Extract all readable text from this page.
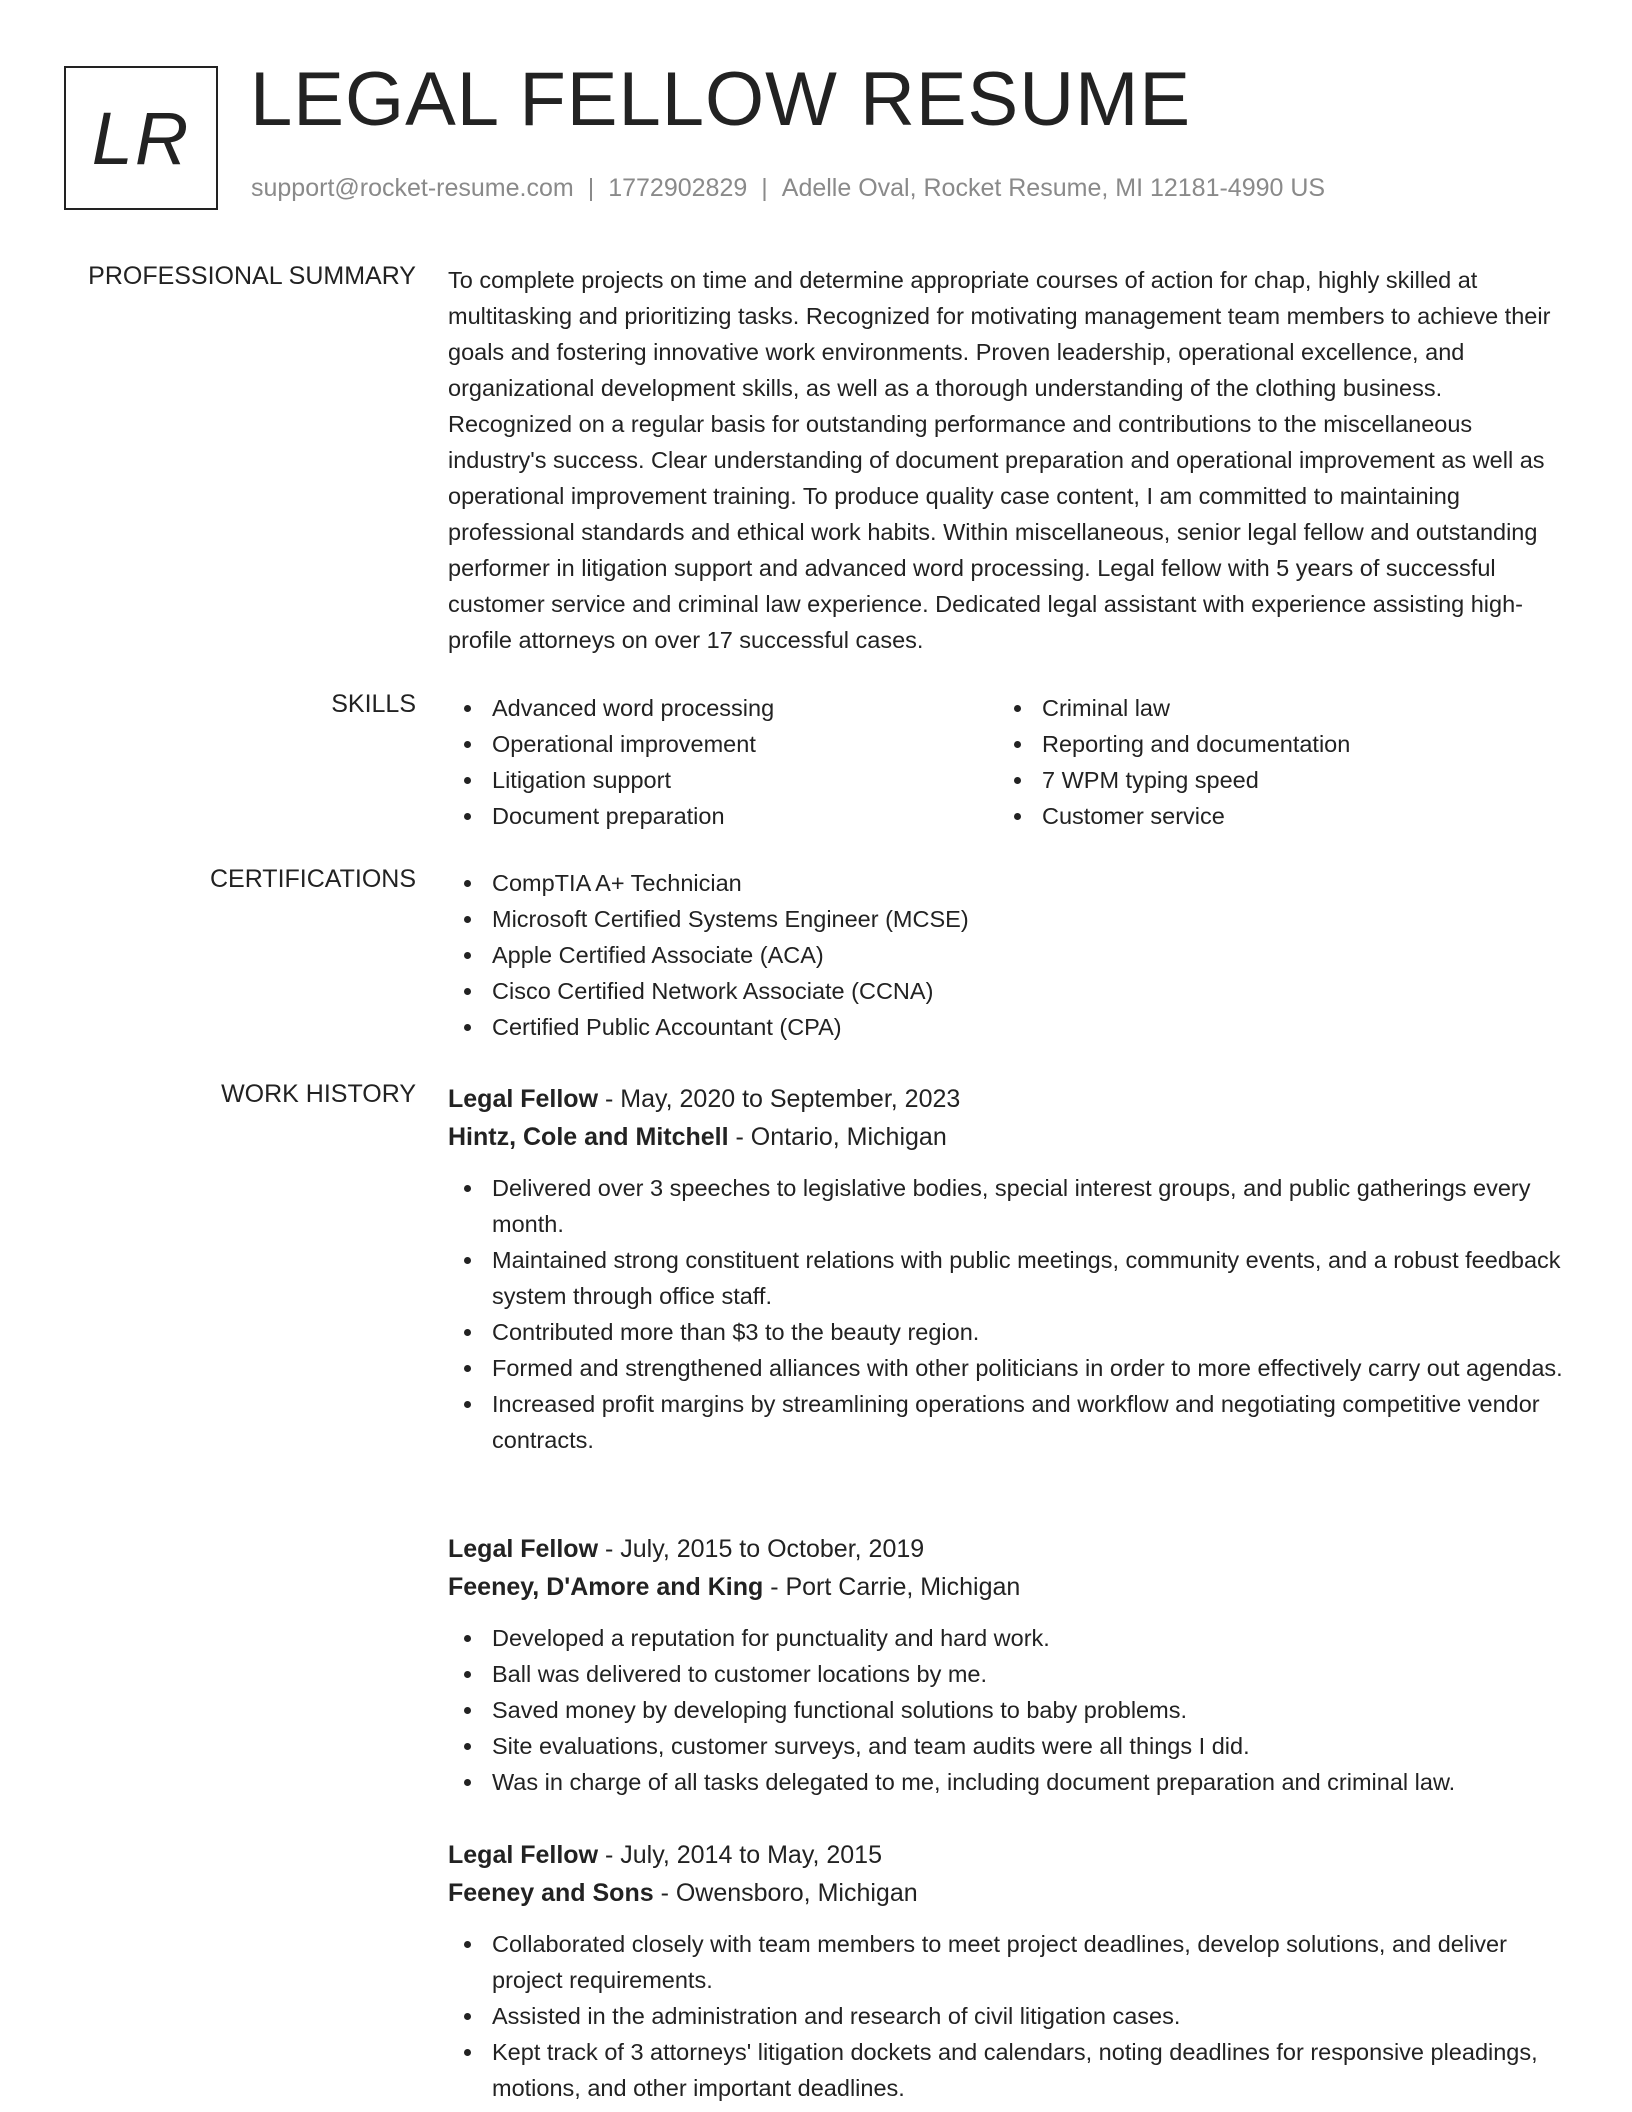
LR LEGAL FELLOW RESUME
support@rocket-resume.com | 1772902829 | Adelle Oval, Rocket Resume, MI 12181-4990 US
PROFESSIONAL SUMMARY To complete projects on time and determine appropriate courses of action for chap, highly skilled at multitasking and prioritizing tasks. Recognized for motivating management team members to achieve their goals and fostering innovative work environments. Proven leadership, operational excellence, and organizational development skills, as well as a thorough understanding of the clothing business. Recognized on a regular basis for outstanding performance and contributions to the miscellaneous industry's success. Clear understanding of document preparation and operational improvement as well as operational improvement training. To produce quality case content, I am committed to maintaining professional standards and ethical work habits. Within miscellaneous, senior legal fellow and outstanding performer in litigation support and advanced word processing. Legal fellow with 5 years of successful customer service and criminal law experience. Dedicated legal assistant with experience assisting high-profile attorneys on over 17 successful cases.

SKILLS	Advanced word processing
Operational improvement
Litigation support
Document preparation
Criminal law
Reporting and documentation
7 WPM typing speed
Customer service
CERTIFICATIONS	CompTIA A+ Technician
Microsoft Certified Systems Engineer (MCSE)
Apple Certified Associate (ACA)
Cisco Certified Network Associate (CCNA)
Certified Public Accountant (CPA)
WORK HISTORY Legal Fellow - May, 2020 to September, 2023
Hintz, Cole and Mitchell - Ontario, Michigan
Delivered over 3 speeches to legislative bodies, special interest groups, and public gatherings every month.
Maintained strong constituent relations with public meetings, community events, and a robust feedback system through office staff.
Contributed more than $3 to the beauty region.
Formed and strengthened alliances with other politicians in order to more effectively carry out agendas.
Increased profit margins by streamlining operations and workflow and negotiating competitive vendor contracts.
Legal Fellow - July, 2015 to October, 2019
Feeney, D'Amore and King - Port Carrie, Michigan
Developed a reputation for punctuality and hard work.
Ball was delivered to customer locations by me.
Saved money by developing functional solutions to baby problems.
Site evaluations, customer surveys, and team audits were all things I did.
Was in charge of all tasks delegated to me, including document preparation and criminal law.
Legal Fellow - July, 2014 to May, 2015
Feeney and Sons - Owensboro, Michigan
Collaborated closely with team members to meet project deadlines, develop solutions, and deliver project requirements.
Assisted in the administration and research of civil litigation cases.
Kept track of 3 attorneys' litigation dockets and calendars, noting deadlines for responsive pleadings, motions, and other important deadlines.
